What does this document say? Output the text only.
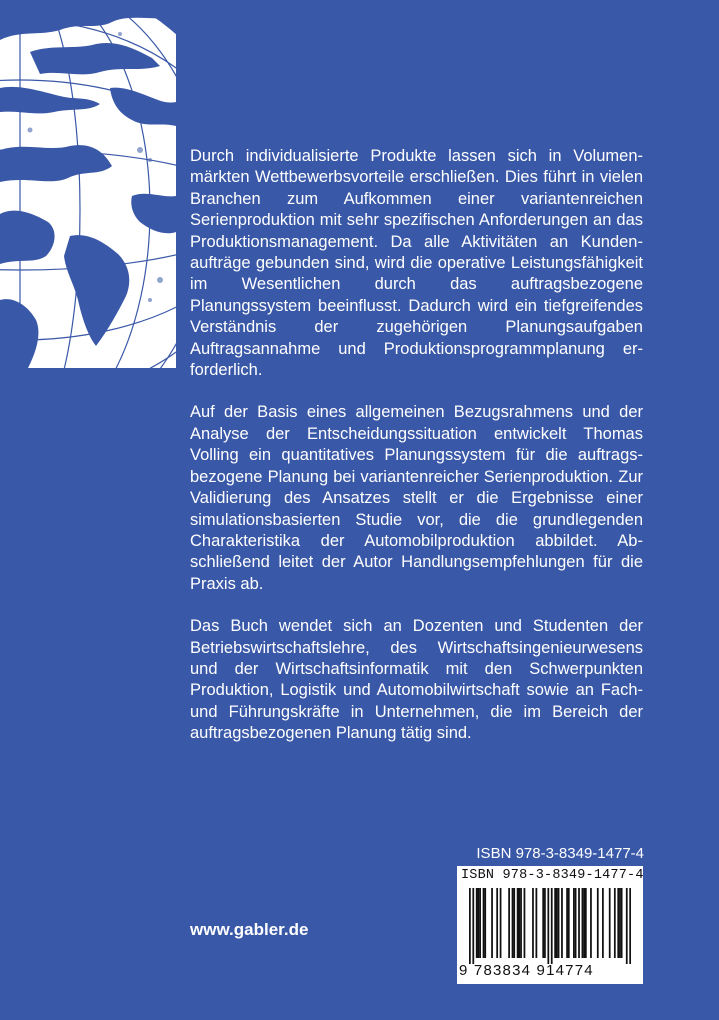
Durch individualisierte Produkte lassen sich in Volumenmärkten Wettbewerbsvorteile erschließen. Dies führt in vielen Branchen zum Aufkommen einer variantenreichen Serienproduktion mit sehr spezifischen Anforderungen an das Produktionsmanagement. Da alle Aktivitäten an Kundenaufträge gebunden sind, wird die operative Leistungsfähigkeit im Wesentlichen durch das auftragsbezogene Planungssystem beeinflusst. Dadurch wird ein tiefgreifendes Verständnis der zugehörigen Planungsaufgaben Auftragsannahme und Produktionsprogrammplanung erforderlich.

Auf der Basis eines allgemeinen Bezugsrahmens und der Analyse der Entscheidungssituation entwickelt Thomas Volling ein quantitatives Planungssystem für die auftragsbezogene Planung bei variantenreicher Serienproduktion. Zur Validierung des Ansatzes stellt er die Ergebnisse einer simulationsbasierten Studie vor, die die grundlegenden Charakteristika der Automobilproduktion abbildet. Abschließend leitet der Autor Handlungsempfehlungen für die Praxis ab.

Das Buch wendet sich an Dozenten und Studenten der Betriebswirtschaftslehre, des Wirtschaftsingenieurwesens und der Wirtschaftsinformatik mit den Schwerpunkten Produktion, Logistik und Automobilwirtschaft sowie an Fach- und Führungskräfte in Unternehmen, die im Bereich der auftragsbezogenen Planung tätig sind.

www.gabler.de
ISBN 978-3-8349-1477-4
ISBN 978-3-8349-1477-4
9 783834 914774
